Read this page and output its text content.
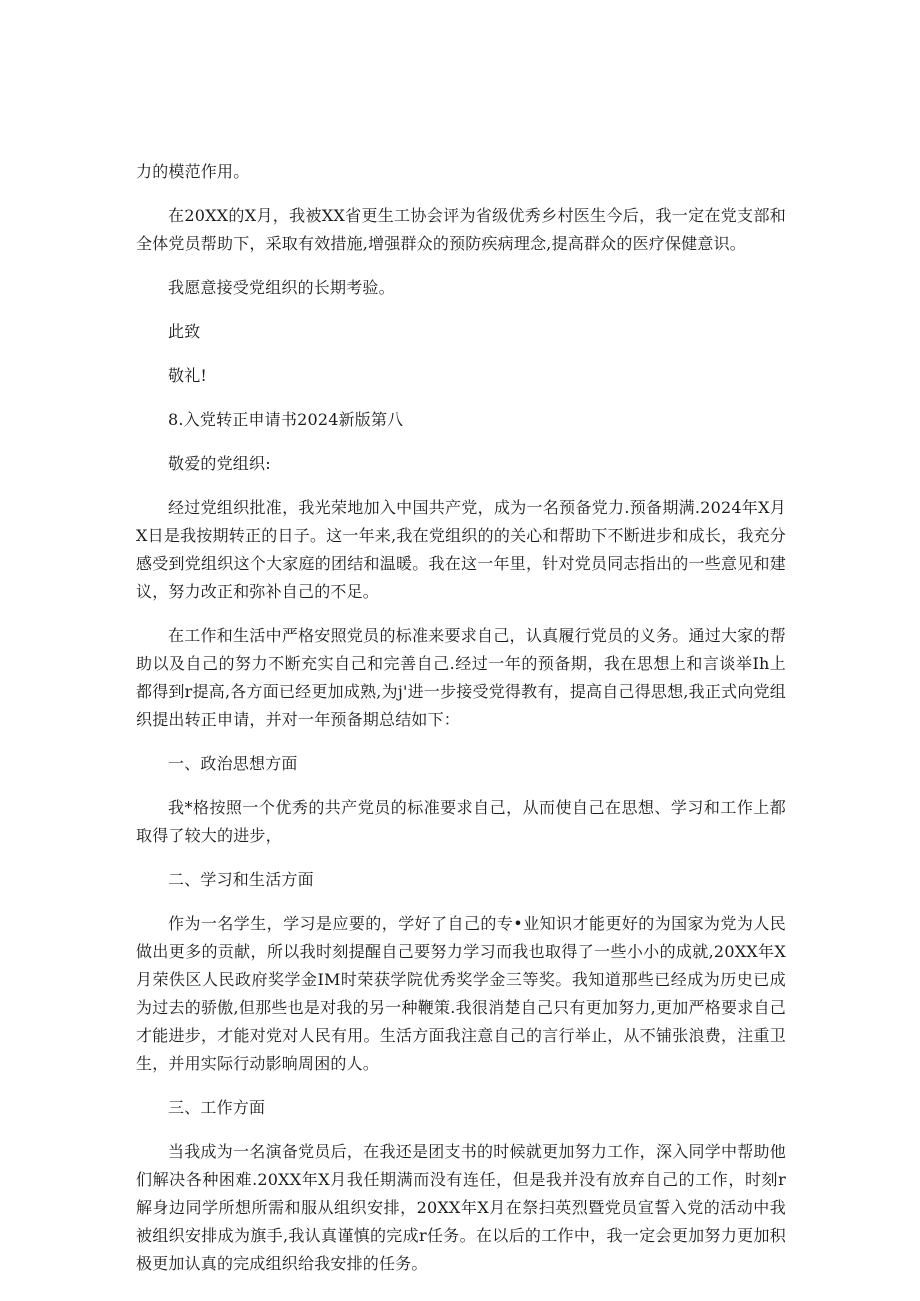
力的模范作用。

在20XX的X月，我被XX省更生工协会评为省级优秀乡村医生今后，我一定在党支部和全体党员帮助下，采取有效措施,增强群众的预防疾病理念,提高群众的医疗保健意识。

我愿意接受党组织的长期考验。

此致

敬礼!

8.入党转正申请书2024新版第八

敬爱的党组织:

经过党组织批准，我光荣地加入中国共产党，成为一名预备党力.预备期满.2024年X月X日是我按期转正的日子。这一年来,我在党组织的的关心和帮助下不断进步和成长，我充分感受到党组织这个大家庭的团结和温暖。我在这一年里，针对党员同志指出的一些意见和建议，努力改正和弥补自己的不足。

在工作和生活中严格安照党员的标准来要求自己，认真履行党员的义务。通过大家的帮助以及自己的努力不断充实自己和完善自己.经过一年的预备期，我在思想上和言谈举Ih上都得到r提高,各方面已经更加成熟,为j'进一步接受党得教有，提高自己得思想,我正式向党组织提出转正申请，并对一年预备期总结如下：

一、政治思想方面

我*格按照一个优秀的共产党员的标准要求自己，从而使自己在思想、学习和工作上都取得了较大的进步，

二、学习和生活方面

作为一名学生，学习是应要的，学好了自己的专•业知识才能更好的为国家为党为人民做出更多的贡献，所以我时刻提醒自己要努力学习而我也取得了一些小小的成就,20XX年X月荣佚区人民政府奖学金IM时荣获学院优秀奖学金三等奖。我知道那些已经成为历史已成为过去的骄傲,但那些也是对我的另一种鞭策.我很消楚自己只有更加努力,更加严格要求自己才能进步，才能对党对人民有用。生活方面我注意自己的言行举止，从不铺张浪费，注重卫生，并用实际行动影晌周困的人。

三、工作方面

当我成为一名演备党员后，在我还是团支书的时候就更加努力工作，深入同学中帮助他们解决各种困难.20XX年X月我任期满而没有连任，但是我并没有放弃自己的工作，时刻r解身边同学所想所需和服从组织安排，20XX年X月在祭扫英烈暨党员宣誓入党的活动中我被组织安排成为旗手,我认真谨慎的完成r任务。在以后的工作中，我一定会更加努力更加积极更加认真的完成组织给我安排的任务。
